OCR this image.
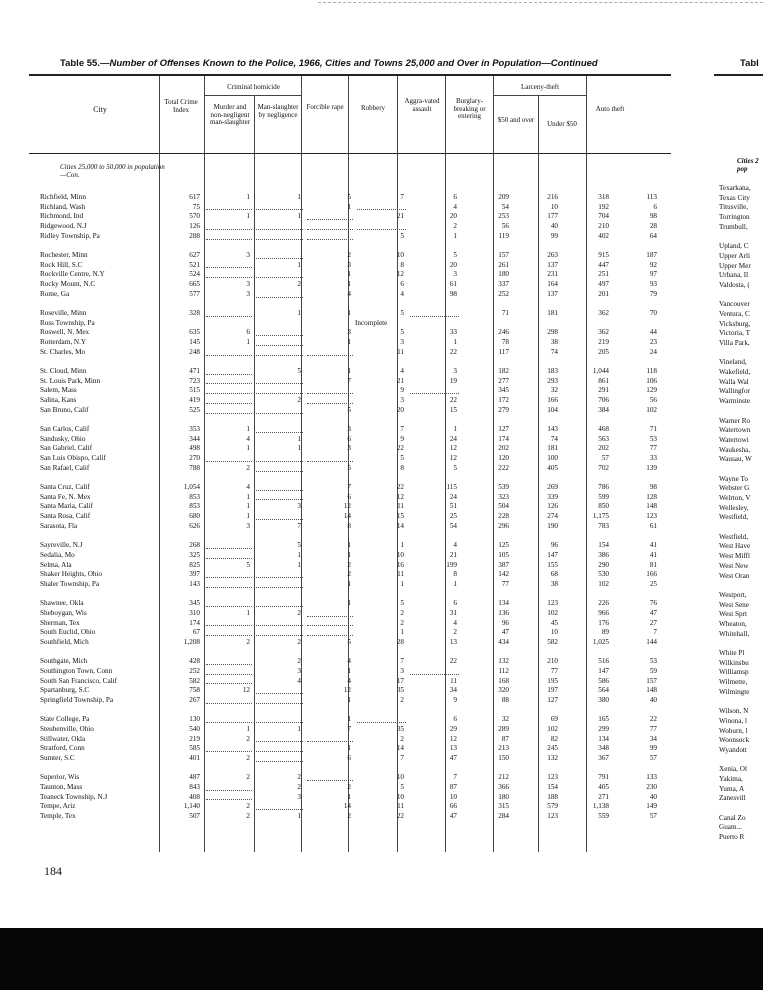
Table 55.—Number of Offenses Known to the Police, 1966, Cities and Towns 25,000 and Over in Population—Continued	Tabl
City
Total Crime Index
Criminal homicide
Murder and non-negligent man-slaughter
Man-slaughter by negligence
Forcible rape	Robbery
Aggra-vated assault
Burglary-breaking or entering
Larceny-theft
$50 and over	Under $50
Auto theft
Cities 25,000 to 50,000 in population—Con.
Cities 2
pop
Richfield, Minn	617	1	1	5	7	6	209	216	318	113
Richland, Wash	75			1		4	54	10	192	6
Richmond, Ind	570	1	1		21	20	253	177	704	98
Ridgewood, N.J	126					2	56	40	210	28
Ridley Township, Pa	288				5	1	119	99	402	64

Rochester, Minn	627	3		2	10	5	157	263	915	187
Rock Hill, S.C	521		1	3	8	20	261	137	447	92
Rockville Centre, N.Y	524			1	12	3	180	231	251	97
Rocky Mount, N.C	665	3	2	1	6	61	337	164	497	93
Rome, Ga	577	3		4	4	98	252	137	201	79

Roseville, Minn	328		1	1	5		71	181	362	70
Ross Township, Pa					Incomplete					
Roswell, N. Mex	635	6		3	5	33	246	298	362	44
Rotterdam, N.Y	145	1		1	3	1	78	38	219	23
St. Charles, Mo	248				11	22	117	74	205	24

St. Cloud, Minn	471		5	1	4	3	182	183	1,044	118
St. Louis Park, Minn	723			7	21	19	277	293	861	106
Salem, Mass	515				9		345	32	291	129
Salina, Kans	419		2		3	22	172	166	706	56
San Bruno, Calif	525			5	20	15	279	104	384	102

San Carlos, Calif	353	1		3	7	1	127	143	468	71
Sandusky, Ohio	344	4	1	6	9	24	174	74	563	53
San Gabriel, Calif	498	1	1	3	22	12	202	181	202	77
San Luis Obispo, Calif	270				5	12	120	100	57	33
San Rafael, Calif	788	2		5	8	5	222	405	702	139

Santa Cruz, Calif	1,054	4		7	22	115	539	269	786	98
Santa Fe, N. Mex	853	1		6	12	24	323	339	599	128
Santa Maria, Calif	853	1	3	12	11	51	504	126	850	148
Santa Rosa, Calif	680	1		14	15	25	228	274	1,175	123
Sarasota, Fla	626	3	7	8	14	54	296	190	783	61

Sayreville, N.J	268		5	1	1	4	125	96	154	41
Sedalia, Mo	325		1	1	10	21	105	147	386	41
Selma, Ala	825	5	1	2	16	199	387	155	290	81
Shaker Heights, Ohio	397			2	11	8	142	68	530	166
Shaler Township, Pa	143			1	1	1	77	38	102	25

Shawnee, Okla	345			1	5	6	134	123	226	76
Sheboygan, Wis	310	1	2		2	31	136	102	966	47
Sherman, Tex	174				2	4	96	45	176	27
South Euclid, Ohio	67				1	2	47	10	89	7
Southfield, Mich	1,208	2	2	5	28	13	434	582	1,025	144

Southgate, Mich	428		2	4	7	22	132	210	516	53
Southington Town, Conn	252		3	1	3		112	77	147	59
South San Francisco, Calif	582		4	4	17	11	168	195	586	157
Spartanburg, S.C	758	12		12	35	34	320	197	564	148
Springfield Township, Pa	267			1	2	9	88	127	380	40

State College, Pa	130			1		6	32	69	165	22
Steubenville, Ohio	540	1	1	7	35	29	289	102	299	77
Stillwater, Okla	219	2			2	12	87	82	134	34
Stratford, Conn	585			1	14	13	213	245	348	99
Sumter, S.C	401	2		6	7	47	150	132	367	57

Superior, Wis	487	2	2		10	7	212	123	791	133
Taunton, Mass	843		2	2	5	87	366	154	405	230
Teaneck Township, N.J	408		3	1	10	10	180	188	271	40
Tempe, Ariz	1,140	2		14	11	66	315	579	1,138	149
Temple, Tex	507	2	1	2	22	47	284	123	559	57
Texarkana,
Texas City
Titusville,
Torrington
Trumbull,
Upland, C
Upper Arli
Upper Mer
Urbana, Il
Valdosta, (
Vancouver
Ventura, C
Vicksburg,
Victoria, T
Villa Park,
Vineland,
Wakefield,
Walla Wal
Wallingfor
Warminste
Warner Ro
Watertown
Watertowi
Waukesha,
Wausau, W
Wayne To
Webster G
Welrton, V
Wellesley,
Westfield,
Westfield,
West Have
West Miffl
West New
West Oran
Westport,
West Sene
West Sprt
Wheaton,
Whitehall,
White Pl
Wilkinsbu
Williamsp
Wilmette,
Wilmingte
Wilson, N
Winona, l
Woburn, l
Woonsock
Wyandott
Xenia, Ol
Yakima,
Yuma, A
Zanesvill
Canal Zo
Guam...
Puerto R
184
